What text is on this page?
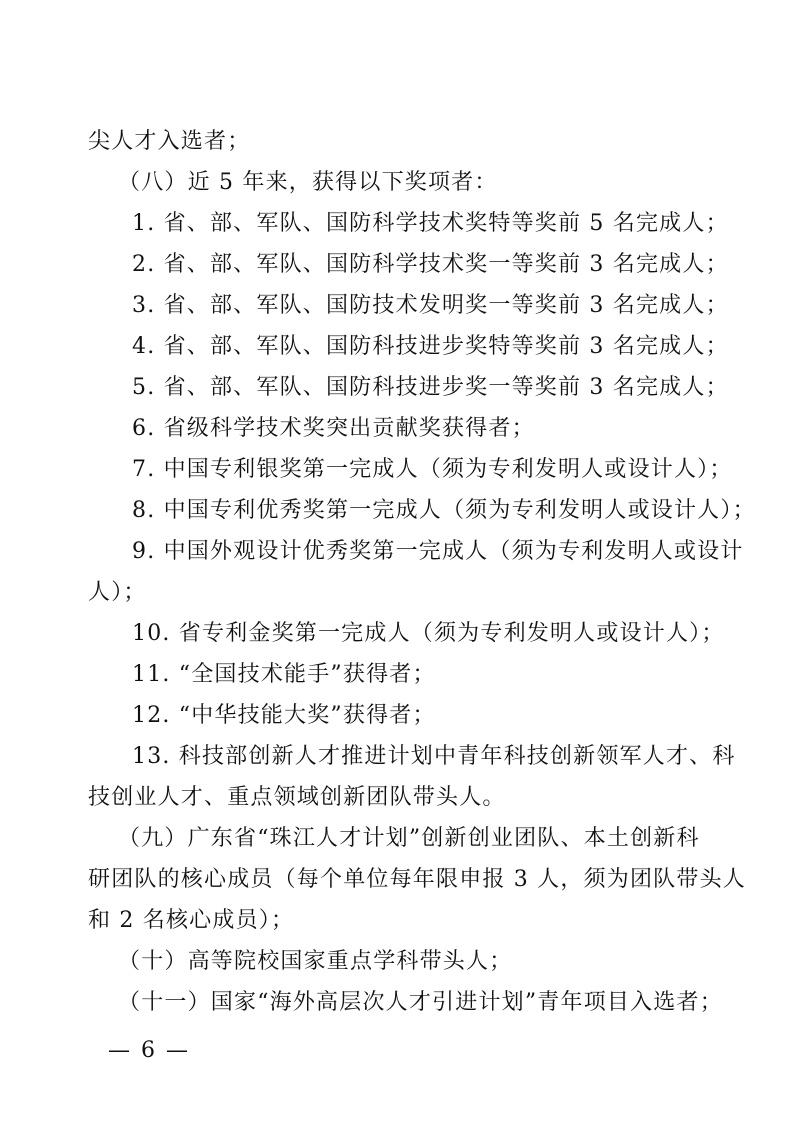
尖人才入选者；
（八）近 5 年来，获得以下奖项者：
1. 省、部、军队、国防科学技术奖特等奖前 5 名完成人；
2. 省、部、军队、国防科学技术奖一等奖前 3 名完成人；
3. 省、部、军队、国防技术发明奖一等奖前 3 名完成人；
4. 省、部、军队、国防科技进步奖特等奖前 3 名完成人；
5. 省、部、军队、国防科技进步奖一等奖前 3 名完成人；
6. 省级科学技术奖突出贡献奖获得者；
7. 中国专利银奖第一完成人（须为专利发明人或设计人）；
8. 中国专利优秀奖第一完成人（须为专利发明人或设计人）；
9. 中国外观设计优秀奖第一完成人（须为专利发明人或设计
人）；
10. 省专利金奖第一完成人（须为专利发明人或设计人）；
11. “全国技术能手”获得者；
12. “中华技能大奖”获得者；
13. 科技部创新人才推进计划中青年科技创新领军人才、科
技创业人才、重点领域创新团队带头人。
（九）广东省“珠江人才计划”创新创业团队、本土创新科
研团队的核心成员（每个单位每年限申报 3 人，须为团队带头人
和 2 名核心成员）；
（十）高等院校国家重点学科带头人；
（十一）国家“海外高层次人才引进计划”青年项目入选者；
— 6 —
